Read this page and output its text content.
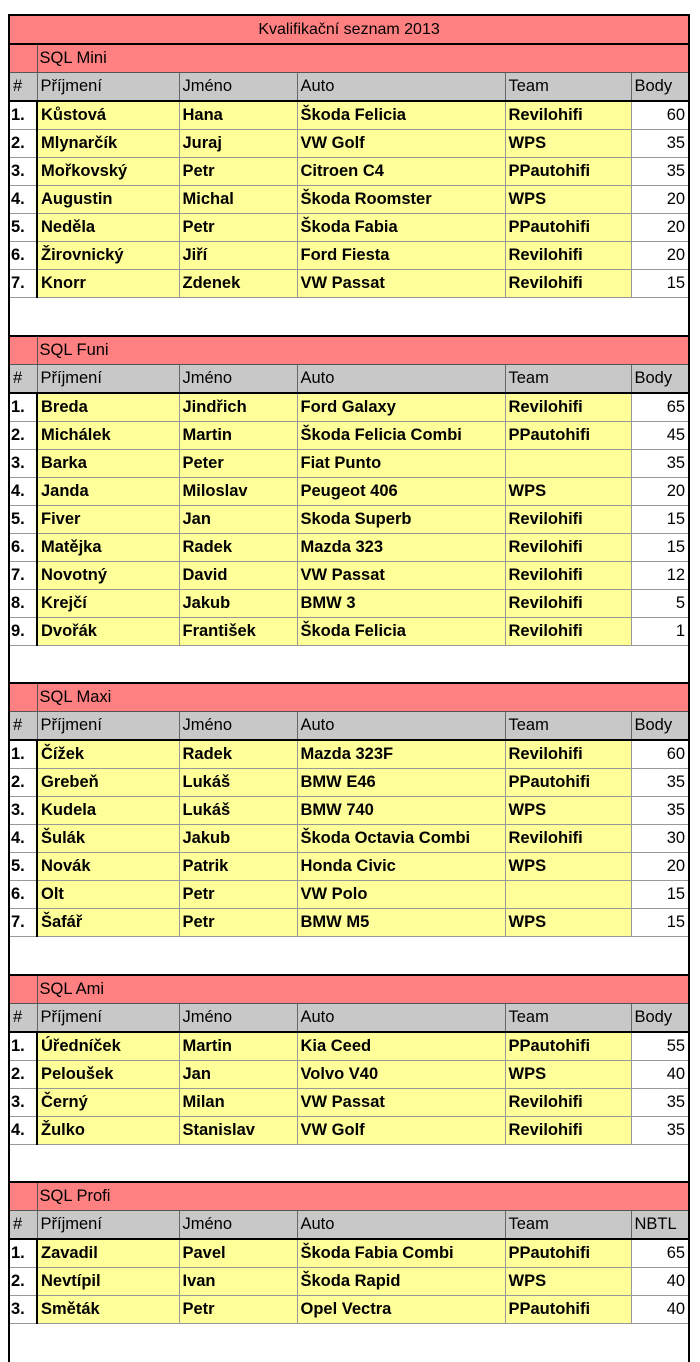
Kvalifikační seznam 2013					
	SQL Mini				
#	Příjmení	Jméno	Auto	Team	Body
1.	Kůstová	Hana	Škoda Felicia	Revilohifi	60
2.	Mlynarčík	Juraj	VW Golf	WPS	35
3.	Mořkovský	Petr	Citroen C4	PPautohifi	35
4.	Augustin	Michal	Škoda Roomster	WPS	20
5.	Neděla	Petr	Škoda Fabia	PPautohifi	20
6.	Žirovnický	Jiří	Ford Fiesta	Revilohifi	20
7.	Knorr	Zdenek	VW Passat	Revilohifi	15

	SQL Funi				
#	Příjmení	Jméno	Auto	Team	Body
1.	Breda	Jindřich	Ford Galaxy	Revilohifi	65
2.	Michálek	Martin	Škoda Felicia Combi	PPautohifi	45
3.	Barka	Peter	Fiat Punto		35
4.	Janda	Miloslav	Peugeot 406	WPS	20
5.	Fiver	Jan	Skoda Superb	Revilohifi	15
6.	Matějka	Radek	Mazda 323	Revilohifi	15
7.	Novotný	David	VW Passat	Revilohifi	12
8.	Krejčí	Jakub	BMW 3	Revilohifi	5
9.	Dvořák	František	Škoda Felicia	Revilohifi	1

	SQL Maxi				
#	Příjmení	Jméno	Auto	Team	Body
1.	Čížek	Radek	Mazda 323F	Revilohifi	60
2.	Grebeň	Lukáš	BMW E46	PPautohifi	35
3.	Kudela	Lukáš	BMW 740	WPS	35
4.	Šulák	Jakub	Škoda Octavia Combi	Revilohifi	30
5.	Novák	Patrik	Honda Civic	WPS	20
6.	Olt	Petr	VW Polo		15
7.	Šafář	Petr	BMW M5	WPS	15

	SQL Ami				
#	Příjmení	Jméno	Auto	Team	Body
1.	Úředníček	Martin	Kia Ceed	PPautohifi	55
2.	Peloušek	Jan	Volvo V40	WPS	40
3.	Černý	Milan	VW Passat	Revilohifi	35
4.	Žulko	Stanislav	VW Golf	Revilohifi	35

	SQL Profi				
#	Příjmení	Jméno	Auto	Team	NBTL
1.	Zavadil	Pavel	Škoda Fabia Combi	PPautohifi	65
2.	Nevtípil	Ivan	Škoda Rapid	WPS	40
3.	Směták	Petr	Opel Vectra	PPautohifi	40
